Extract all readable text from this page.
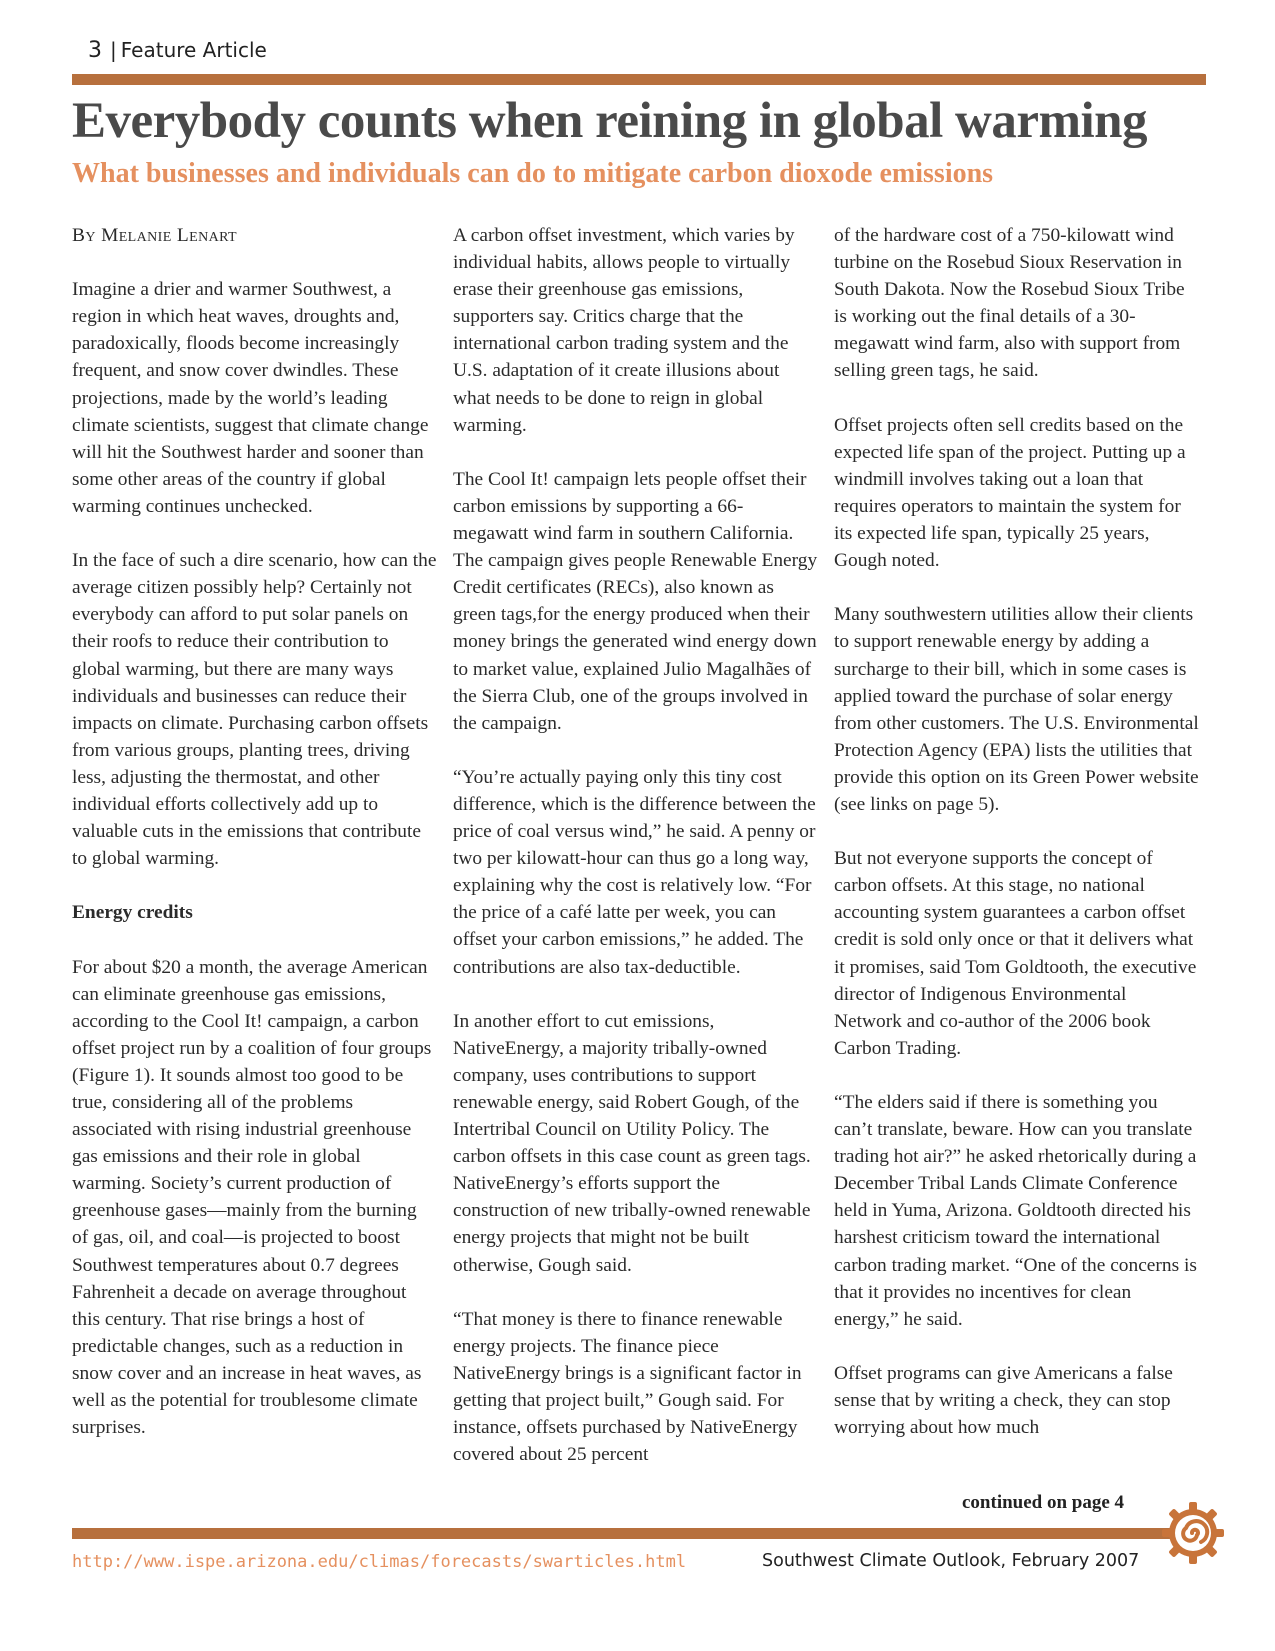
3 | Feature Article
Everybody counts when reining in global warming
What businesses and individuals can do to mitigate carbon dioxode emissions

By Melanie Lenart

Imagine a drier and warmer Southwest, a region in which heat waves, droughts and, paradoxically, floods become increasingly frequent, and snow cover dwindles. These projections, made by the world’s leading climate scientists, suggest that climate change will hit the Southwest harder and sooner than some other areas of the country if global warming continues unchecked.

In the face of such a dire scenario, how can the average citizen possibly help? Certainly not everybody can afford to put solar panels on their roofs to reduce their contribution to global warming, but there are many ways individuals and businesses can reduce their impacts on climate. Purchasing carbon offsets from various groups, planting trees, driving less, adjusting the thermostat, and other individual efforts collectively add up to valuable cuts in the emissions that contribute to global warming.

Energy credits

For about $20 a month, the average American can eliminate greenhouse gas emissions, according to the Cool It! campaign, a carbon offset project run by a coalition of four groups (Figure 1). It sounds almost too good to be true, considering all of the problems associated with rising industrial greenhouse gas emissions and their role in global warming. Society’s current production of greenhouse gases—mainly from the burning of gas, oil, and coal—is projected to boost Southwest temperatures about 0.7 degrees Fahrenheit a decade on average throughout this century. That rise brings a host of predictable changes, such as a reduction in snow cover and an increase in heat waves, as well as the potential for troublesome climate surprises.

A carbon offset investment, which varies by individual habits, allows people to virtually erase their greenhouse gas emissions, supporters say. Critics charge that the international carbon trading system and the U.S. adaptation of it create illusions about what needs to be done to reign in global warming.

The Cool It! campaign lets people offset their carbon emissions by supporting a 66-megawatt wind farm in southern California. The campaign gives people Renewable Energy Credit certificates (RECs), also known as green tags,for the energy produced when their money brings the generated wind energy down to market value, explained Julio Magalhães of the Sierra Club, one of the groups involved in the campaign.

“You’re actually paying only this tiny cost difference, which is the difference between the price of coal versus wind,” he said. A penny or two per kilowatt-hour can thus go a long way, explaining why the cost is relatively low. “For the price of a café latte per week, you can offset your carbon emissions,” he added. The contributions are also tax-deductible.

In another effort to cut emissions, NativeEnergy, a majority tribally-owned company, uses contributions to support renewable energy, said Robert Gough, of the Intertribal Council on Utility Policy. The carbon offsets in this case count as green tags. NativeEnergy’s efforts support the construction of new tribally-owned renewable energy projects that might not be built otherwise, Gough said.

“That money is there to finance renewable energy projects. The finance piece NativeEnergy brings is a significant factor in getting that project built,” Gough said. For instance, offsets purchased by NativeEnergy covered about 25 percent

of the hardware cost of a 750-kilowatt wind turbine on the Rosebud Sioux Reservation in South Dakota. Now the Rosebud Sioux Tribe is working out the final details of a 30-megawatt wind farm, also with support from selling green tags, he said.

Offset projects often sell credits based on the expected life span of the project. Putting up a windmill involves taking out a loan that requires operators to maintain the system for its expected life span, typically 25 years, Gough noted.

Many southwestern utilities allow their clients to support renewable energy by adding a surcharge to their bill, which in some cases is applied toward the purchase of solar energy from other customers. The U.S. Environmental Protection Agency (EPA) lists the utilities that provide this option on its Green Power website (see links on page 5).

But not everyone supports the concept of carbon offsets. At this stage, no national accounting system guarantees a carbon offset credit is sold only once or that it delivers what it promises, said Tom Goldtooth, the executive director of Indigenous Environmental Network and co-author of the 2006 book Carbon Trading.

“The elders said if there is something you can’t translate, beware. How can you translate trading hot air?” he asked rhetorically during a December Tribal Lands Climate Conference held in Yuma, Arizona. Goldtooth directed his harshest criticism toward the international carbon trading market. “One of the concerns is that it provides no incentives for clean energy,” he said.

Offset programs can give Americans a false sense that by writing a check, they can stop worrying about how much

continued on page 4
http://www.ispe.arizona.edu/climas/forecasts/swarticles.html	Southwest Climate Outlook, February 2007
